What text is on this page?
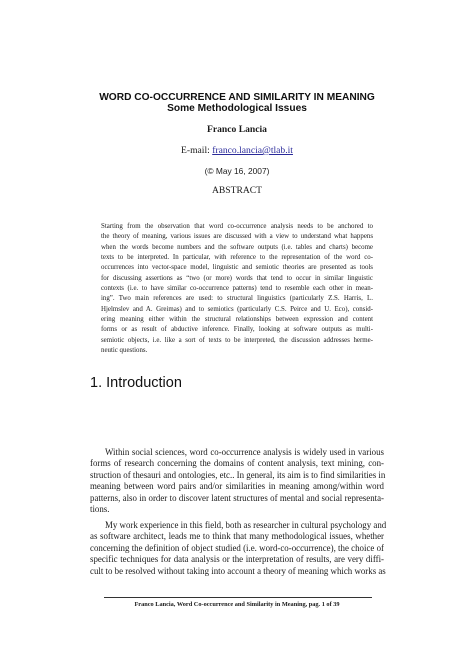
WORD CO-OCCURRENCE AND SIMILARITY IN MEANING
Some Methodological Issues
Franco Lancia
E-mail: franco.lancia@tlab.it
(© May 16, 2007)
ABSTRACT
Starting from the observation that word co-occurrence analysis needs to be anchored to
the theory of meaning, various issues are discussed with a view to understand what happens
when the words become numbers and the software outputs (i.e. tables and charts) become
texts to be interpreted. In particular, with reference to the representation of the word co-
occurrences into vector-space model, linguistic and semiotic theories are presented as tools
for discussing assertions as “two (or more) words that tend to occur in similar linguistic
contexts (i.e. to have similar co-occurrence patterns) tend to resemble each other in mean-
ing”. Two main references are used: to structural linguistics (particularly Z.S. Harris, L.
Hjelmslev and A. Greimas) and to semiotics (particularly C.S. Peirce and U. Eco), consid-
ering meaning either within the structural relationships between expression and content
forms or as result of abductive inference. Finally, looking at software outputs as multi-
semiotic objects, i.e. like a sort of texts to be interpreted, the discussion addresses herme-
neutic questions.
1. Introduction
Within social sciences, word co-occurrence analysis is widely used in various
forms of research concerning the domains of content analysis, text mining, con-
struction of thesauri and ontologies, etc.. In general, its aim is to find similarities in
meaning between word pairs and/or similarities in meaning among/within word
patterns, also in order to discover latent structures of mental and social representa-
tions.
My work experience in this field, both as researcher in cultural psychology and
as software architect, leads me to think that many methodological issues, whether
concerning the definition of object studied (i.e. word-co-occurrence), the choice of
specific techniques for data analysis or the interpretation of results, are very diffi-
cult to be resolved without taking into account a theory of meaning which works as
Franco Lancia, Word Co-occurrence and Similarity in Meaning, pag. 1 of 39
